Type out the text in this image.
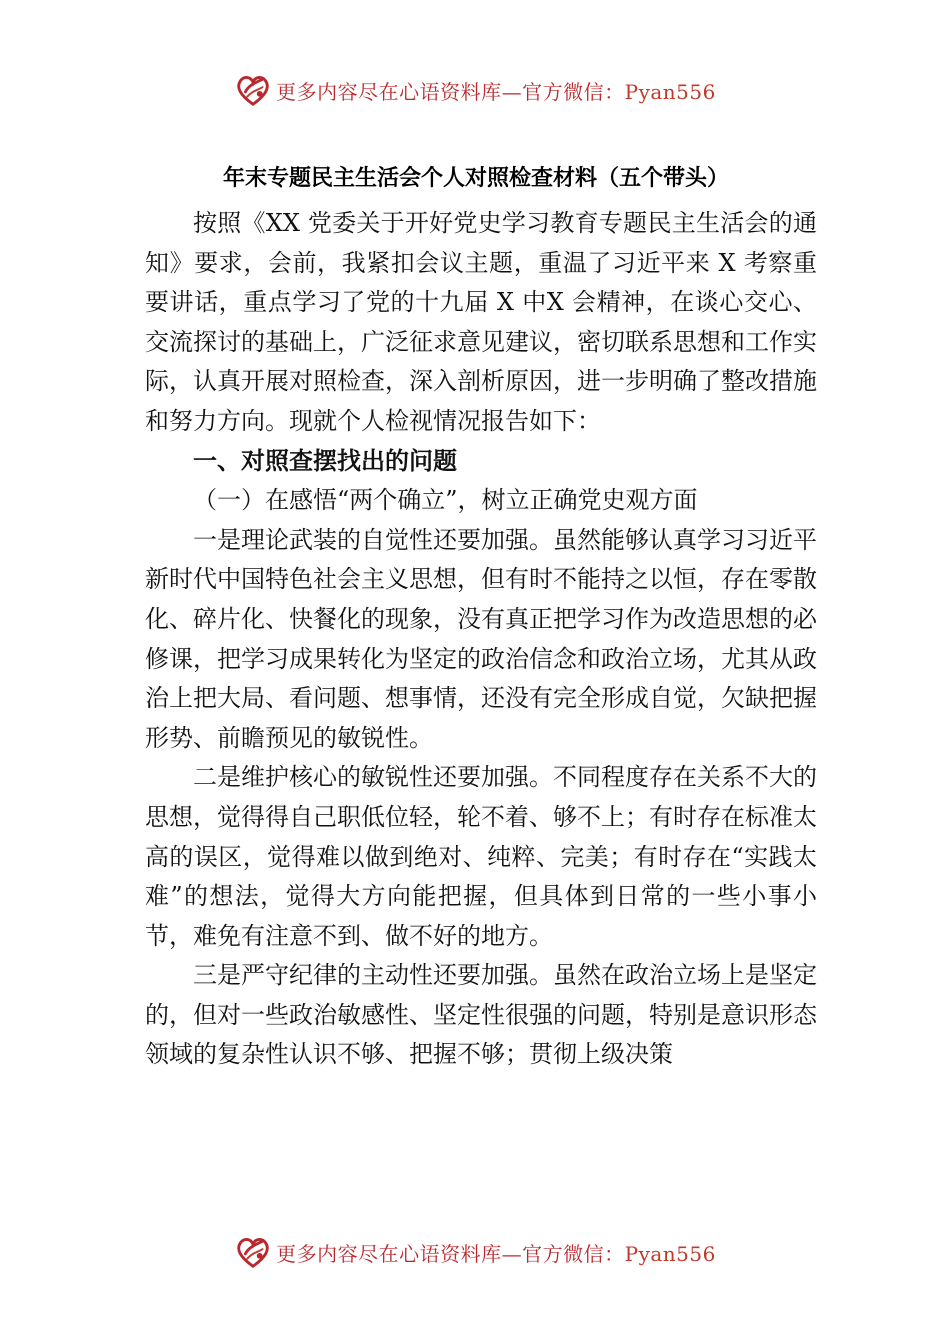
更多内容尽在心语资料库—官方微信：Pyan556
年末专题民主生活会个人对照检查材料（五个带头）

按照《XX 党委关于开好党史学习教育专题民主生活会的通知》要求，会前，我紧扣会议主题，重温了习近平来 X 考察重要讲话，重点学习了党的十九届 X 中X 会精神，在谈心交心、交流探讨的基础上，广泛征求意见建议，密切联系思想和工作实际，认真开展对照检查，深入剖析原因，进一步明确了整改措施和努力方向。现就个人检视情况报告如下：

一、对照查摆找出的问题

（一）在感悟“两个确立”，树立正确党史观方面

一是理论武装的自觉性还要加强。虽然能够认真学习习近平新时代中国特色社会主义思想，但有时不能持之以恒，存在零散化、碎片化、快餐化的现象，没有真正把学习作为改造思想的必修课，把学习成果转化为坚定的政治信念和政治立场，尤其从政治上把大局、看问题、想事情，还没有完全形成自觉，欠缺把握形势、前瞻预见的敏锐性。

二是维护核心的敏锐性还要加强。不同程度存在关系不大的思想，觉得得自己职低位轻，轮不着、够不上；有时存在标准太高的误区，觉得难以做到绝对、纯粹、完美；有时存在“实践太难”的想法，觉得大方向能把握，但具体到日常的一些小事小节，难免有注意不到、做不好的地方。

三是严守纪律的主动性还要加强。虽然在政治立场上是坚定的，但对一些政治敏感性、坚定性很强的问题，特别是意识形态领域的复杂性认识不够、把握不够；贯彻上级决策

更多内容尽在心语资料库—官方微信：Pyan556
